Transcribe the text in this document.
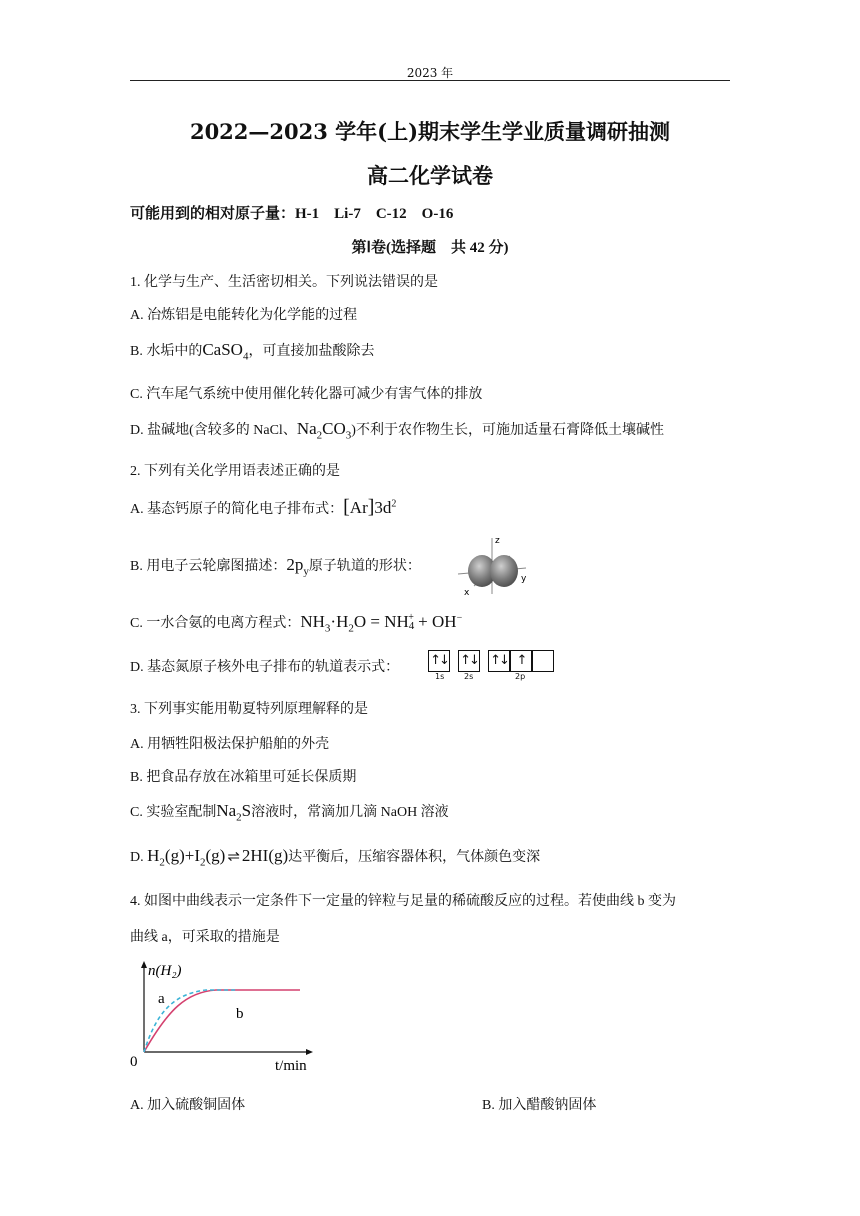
2023 年
2022—2023 学年(上)期末学生学业质量调研抽测
高二化学试卷
可能用到的相对原子量：H-1    Li-7    C-12    O-16
第Ⅰ卷(选择题    共 42 分)
1. 化学与生产、生活密切相关。下列说法错误的是
A. 冶炼铝是电能转化为化学能的过程
B. 水垢中的CaSO$_4$，可直接加盐酸除去
C. 汽车尾气系统中使用催化转化器可减少有害气体的排放
D. 盐碱地(含较多的 NaCl、$Na_2CO_3$)不利于农作物生长，可施加适量石膏降低土壤碱性
2. 下列有关化学用语表述正确的是
A. 基态钙原子的简化电子排布式：$[Ar]3d^2$
B. 用电子云轮廓图描述：$2p_y$原子轨道的形状：
z
y
x
C. 一水合氨的电离方程式：$NH_3\cdot H_2O = NH_4^+ + OH^-$
D. 基态氮原子核外电子排布的轨道表示式： ↑↓ ↑↓ ↑↓ ↑
1s 2s	2p
3. 下列事实能用勒夏特列原理解释的是
A. 用牺牲阳极法保护船舶的外壳
B. 把食品存放在冰箱里可延长保质期
C. 实验室配制$Na_2S$溶液时，常滴加几滴 NaOH 溶液
D. $H_2(g)+I_2(g)$ ⇌ 2HI(g)达平衡后，压缩容器体积，气体颜色变深
4. 如图中曲线表示一定条件下一定量的锌粒与足量的稀硫酸反应的过程。若使曲线 b 变为
曲线 a，可采取的措施是
n(H₂)
0	t/min
a
b
A. 加入硫酸铜固体	B. 加入醋酸钠固体
